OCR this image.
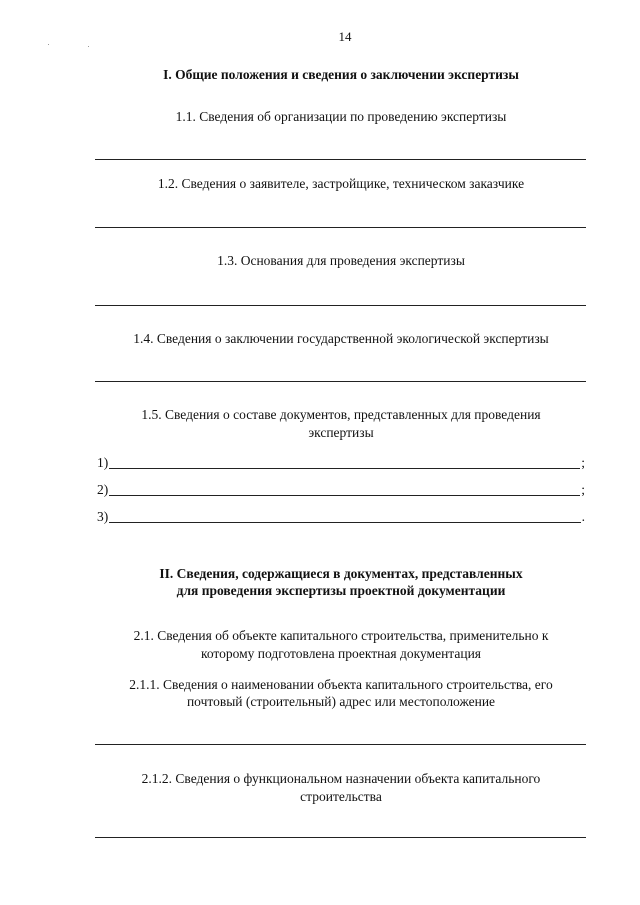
14
I. Общие положения и сведения о заключении экспертизы
1.1. Сведения об организации по проведению экспертизы
1.2. Сведения о заявителе, застройщике, техническом заказчике
1.3. Основания для проведения экспертизы
1.4. Сведения о заключении государственной экологической экспертизы
1.5. Сведения о составе документов, представленных для проведения
экспертизы
1)	;
2)	;
3)	.
II. Сведения, содержащиеся в документах, представленных
для проведения экспертизы проектной документации
2.1. Сведения об объекте капитального строительства, применительно к
которому подготовлена проектная документация
2.1.1. Сведения о наименовании объекта капитального строительства, его
почтовый (строительный) адрес или местоположение
2.1.2. Сведения о функциональном назначении объекта капитального
строительства
